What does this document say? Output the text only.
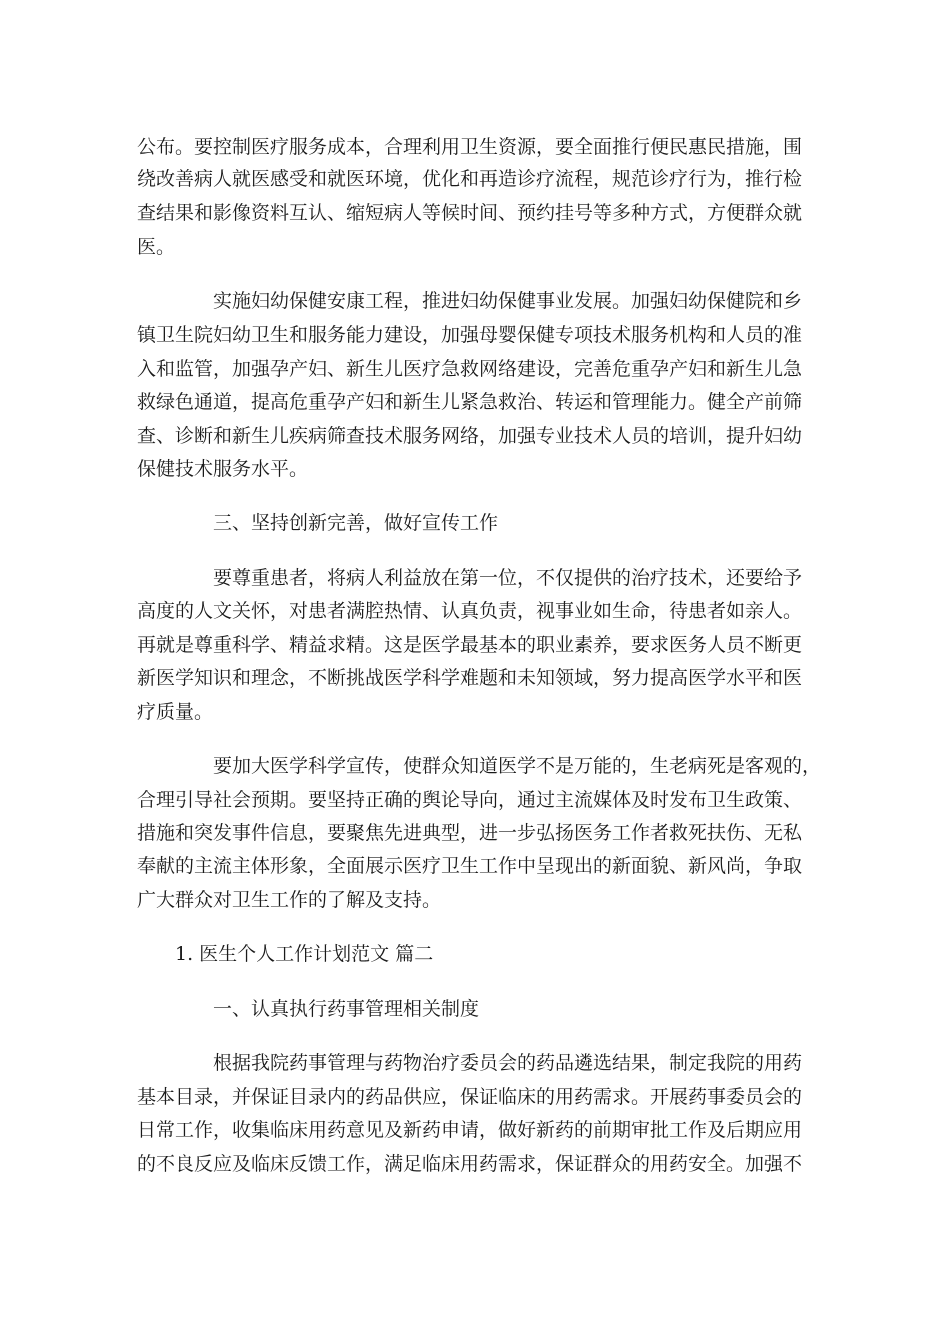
公布。要控制医疗服务成本，合理利用卫生资源，要全面推行便民惠民措施，围
绕改善病人就医感受和就医环境，优化和再造诊疗流程，规范诊疗行为，推行检
查结果和影像资料互认、缩短病人等候时间、预约挂号等多种方式，方便群众就
医。
实施妇幼保健安康工程，推进妇幼保健事业发展。加强妇幼保健院和乡
镇卫生院妇幼卫生和服务能力建设，加强母婴保健专项技术服务机构和人员的准
入和监管，加强孕产妇、新生儿医疗急救网络建设，完善危重孕产妇和新生儿急
救绿色通道，提高危重孕产妇和新生儿紧急救治、转运和管理能力。健全产前筛
查、诊断和新生儿疾病筛查技术服务网络，加强专业技术人员的培训，提升妇幼
保健技术服务水平。
三、坚持创新完善，做好宣传工作
要尊重患者，将病人利益放在第一位，不仅提供的治疗技术，还要给予
高度的人文关怀，对患者满腔热情、认真负责，视事业如生命，待患者如亲人。
再就是尊重科学、精益求精。这是医学最基本的职业素养，要求医务人员不断更
新医学知识和理念，不断挑战医学科学难题和未知领域，努力提高医学水平和医
疗质量。
要加大医学科学宣传，使群众知道医学不是万能的，生老病死是客观的，
合理引导社会预期。要坚持正确的舆论导向，通过主流媒体及时发布卫生政策、
措施和突发事件信息，要聚焦先进典型，进一步弘扬医务工作者救死扶伤、无私
奉献的主流主体形象，全面展示医疗卫生工作中呈现出的新面貌、新风尚，争取
广大群众对卫生工作的了解及支持。
1. 医生个人工作计划范文 篇二
一、认真执行药事管理相关制度
根据我院药事管理与药物治疗委员会的药品遴选结果，制定我院的用药
基本目录，并保证目录内的药品供应，保证临床的用药需求。开展药事委员会的
日常工作，收集临床用药意见及新药申请，做好新药的前期审批工作及后期应用
的不良反应及临床反馈工作，满足临床用药需求，保证群众的用药安全。加强不
